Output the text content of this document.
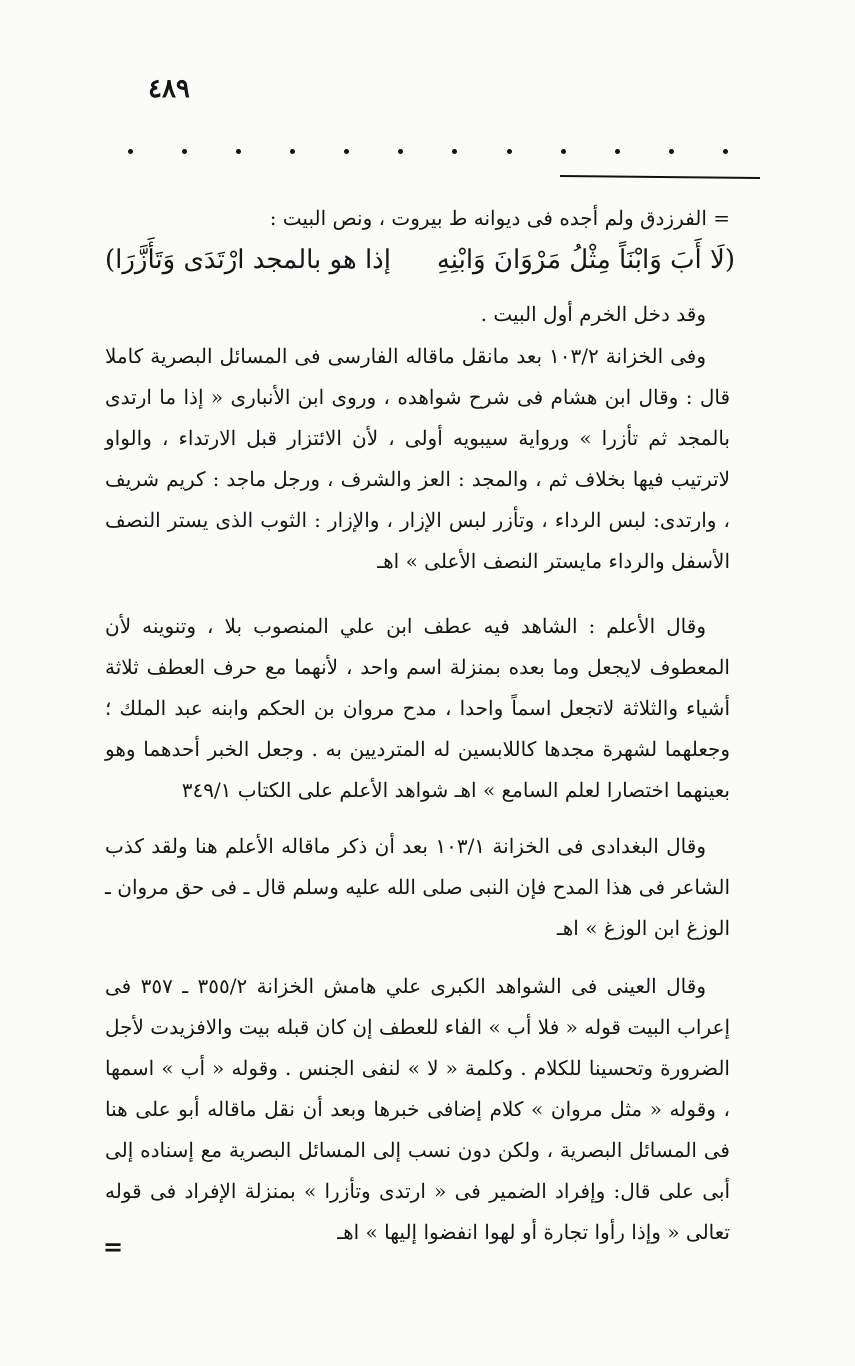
٤٨٩

= الفرزدق ولم أجده فى ديوانه ط بيروت ، ونص البيت :

(لَا أَبَ وَابْنَاً مِثْلُ مَرْوَانَ وَابْنِهِ
إذا هو بالمجد ارْتَدَى وَتَأَزَّرَا)

وقد دخل الخرم أول البيت .

وفى الخزانة ١٠٣/٢ بعد مانقل ماقاله الفارسى فى المسائل البصرية كاملا قال : وقال ابن هشام فى شرح شواهده ، وروى ابن الأنبارى « إذا ما ارتدى بالمجد ثم تأزرا » ورواية سيبويه أولى ، لأن الائتزار قبل الارتداء ، والواو لاترتيب فيها بخلاف ثم ، والمجد : العز والشرف ، ورجل ماجد : كريم شريف ، وارتدى: لبس الرداء ، وتأزر لبس الإزار ، والإزار : الثوب الذى يستر النصف الأسفل والرداء مايستر النصف الأعلى » اهـ

وقال الأعلم : الشاهد فيه عطف ابن علي المنصوب بلا ، وتنوينه لأن المعطوف لايجعل وما بعده بمنزلة اسم واحد ، لأنهما مع حرف العطف ثلاثة أشياء والثلاثة لاتجعل اسماً واحدا ، مدح مروان بن الحكم وابنه عبد الملك ؛ وجعلهما لشهرة مجدها كاللابسين له المترديين به . وجعل الخبر أحدهما وهو بعينهما اختصارا لعلم السامع » اهـ شواهد الأعلم على الكتاب ٣٤٩/١

وقال البغدادى فى الخزانة ١٠٣/١ بعد أن ذكر ماقاله الأعلم هنا ولقد كذب الشاعر فى هذا المدح فإن النبى صلى الله عليه وسلم قال ـ فى حق مروان ـ الوزغ ابن الوزغ » اهـ

وقال العينى فى الشواهد الكبرى علي هامش الخزانة ٣٥٥/٢ ـ ٣٥٧ فى إعراب البيت قوله « فلا أب » الفاء للعطف إن كان قبله بيت والافزيدت لأجل الضرورة وتحسينا للكلام . وكلمة « لا » لنفى الجنس . وقوله « أب » اسمها ، وقوله « مثل مروان » كلام إضافى خبرها وبعد أن نقل ماقاله أبو على هنا فى المسائل البصرية ، ولكن دون نسب إلى المسائل البصرية مع إسناده إلى أبى على قال: وإفراد الضمير فى « ارتدى وتأزرا » بمنزلة الإفراد فى قوله تعالى « وإذا رأوا تجارة أو لهوا انفضوا إليها » اهـ

=
